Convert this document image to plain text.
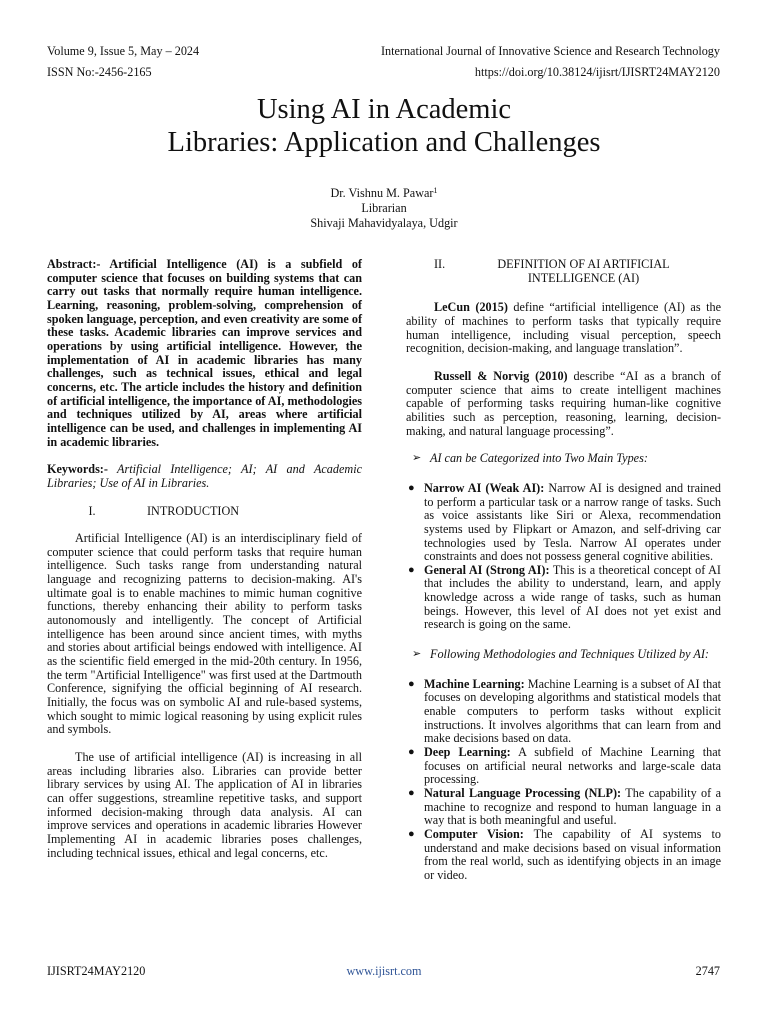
Volume 9, Issue 5, May – 2024	International Journal of Innovative Science and Research Technology
ISSN No:-2456-2165	https://doi.org/10.38124/ijisrt/IJISRT24MAY2120
Using AI in Academic
Libraries: Application and Challenges
Dr. Vishnu M. Pawar$^1$
Librarian
Shivaji Mahavidyalaya, Udgir

Abstract:- Artificial Intelligence (AI) is a subfield of computer science that focuses on building systems that can carry out tasks that normally require human intelligence. Learning, reasoning, problem-solving, comprehension of spoken language, perception, and even creativity are some of these tasks. Academic libraries can improve services and operations by using artificial intelligence. However, the implementation of AI in academic libraries has many challenges, such as technical issues, ethical and legal concerns, etc. The article includes the history and definition of artificial intelligence, the importance of AI, methodologies and techniques utilized by AI, areas where artificial intelligence can be used, and challenges in implementing AI in academic libraries.

Keywords:- Artificial Intelligence; AI; AI and Academic Libraries; Use of AI in Libraries.

I.	INTRODUCTION

Artificial Intelligence (AI) is an interdisciplinary field of computer science that could perform tasks that require human intelligence. Such tasks range from understanding natural language and recognizing patterns to decision-making. AI's ultimate goal is to enable machines to mimic human cognitive functions, thereby enhancing their ability to perform tasks autonomously and intelligently. The concept of Artificial intelligence has been around since ancient times, with myths and stories about artificial beings endowed with intelligence. AI as the scientific field emerged in the mid-20th century. In 1956, the term "Artificial Intelligence" was first used at the Dartmouth Conference, signifying the official beginning of AI research. Initially, the focus was on symbolic AI and rule-based systems, which sought to mimic logical reasoning by using explicit rules and symbols.

The use of artificial intelligence (AI) is increasing in all areas including libraries also. Libraries can provide better library services by using AI. The application of AI in libraries can offer suggestions, streamline repetitive tasks, and support informed decision-making through data analysis. AI can improve services and operations in academic libraries However Implementing AI in academic libraries poses challenges, including technical issues, ethical and legal concerns, etc.

II.	DEFINITION OF AI ARTIFICIAL
INTELLIGENCE (AI)

LeCun (2015) define “artificial intelligence (AI) as the ability of machines to perform tasks that typically require human intelligence, including visual perception, speech recognition, decision-making, and language translation”.

Russell & Norvig (2010) describe “AI as a branch of computer science that aims to create intelligent machines capable of performing tasks requiring human-like cognitive abilities such as perception, reasoning, learning, decision-making, and natural language processing”.

➢ AI can be Categorized into Two Main Types:
● Narrow AI (Weak AI): Narrow AI is designed and trained to perform a particular task or a narrow range of tasks. Such as voice assistants like Siri or Alexa, recommendation systems used by Flipkart or Amazon, and self-driving car technologies used by Tesla. Narrow AI operates under constraints and does not possess general cognitive abilities.
● General AI (Strong AI): This is a theoretical concept of AI that includes the ability to understand, learn, and apply knowledge across a wide range of tasks, such as human beings. However, this level of AI does not yet exist and research is going on the same.
➢ Following Methodologies and Techniques Utilized by AI:
● Machine Learning: Machine Learning is a subset of AI that focuses on developing algorithms and statistical models that enable computers to perform tasks without explicit instructions. It involves algorithms that can learn from and make decisions based on data.
● Deep Learning: A subfield of Machine Learning that focuses on artificial neural networks and large-scale data processing.
● Natural Language Processing (NLP): The capability of a machine to recognize and respond to human language in a way that is both meaningful and useful.
● Computer Vision: The capability of AI systems to understand and make decisions based on visual information from the real world, such as identifying objects in an image or video.
IJISRT24MAY2120	www.ijisrt.com	2747
